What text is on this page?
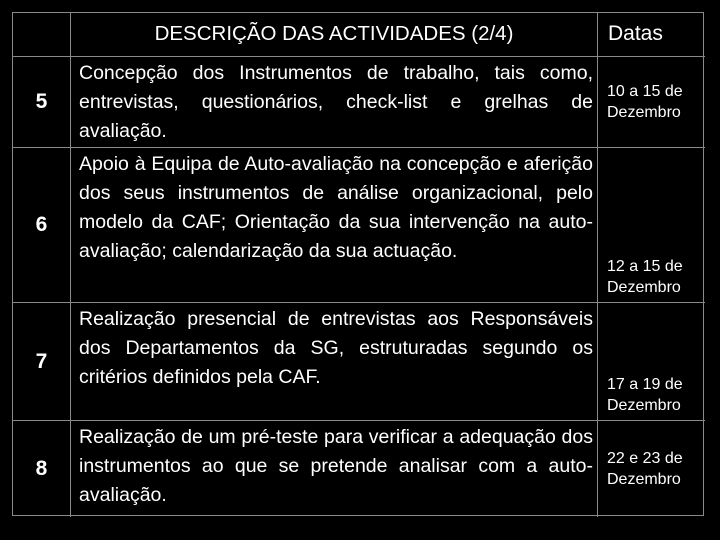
DESCRIÇÃO DAS ACTIVIDADES (2/4)	Datas
5
Concepção dos Instrumentos de trabalho, tais como, entrevistas, questionários, check-list e grelhas de avaliação.
10 a 15 de
Dezembro
6
Apoio à Equipa de Auto-avaliação na concepção e aferição dos seus instrumentos de análise organizacional, pelo modelo da CAF; Orientação da sua intervenção na auto-avaliação; calendarização da sua actuação.
12 a 15 de
Dezembro
7
Realização presencial de entrevistas aos Responsáveis dos Departamentos da SG, estruturadas segundo os critérios definidos pela CAF.	17 a 19 de
Dezembro
8
Realização de um pré-teste para verificar a adequação dos instrumentos ao que se pretende analisar com a auto-avaliação.
22 e 23 de
Dezembro
